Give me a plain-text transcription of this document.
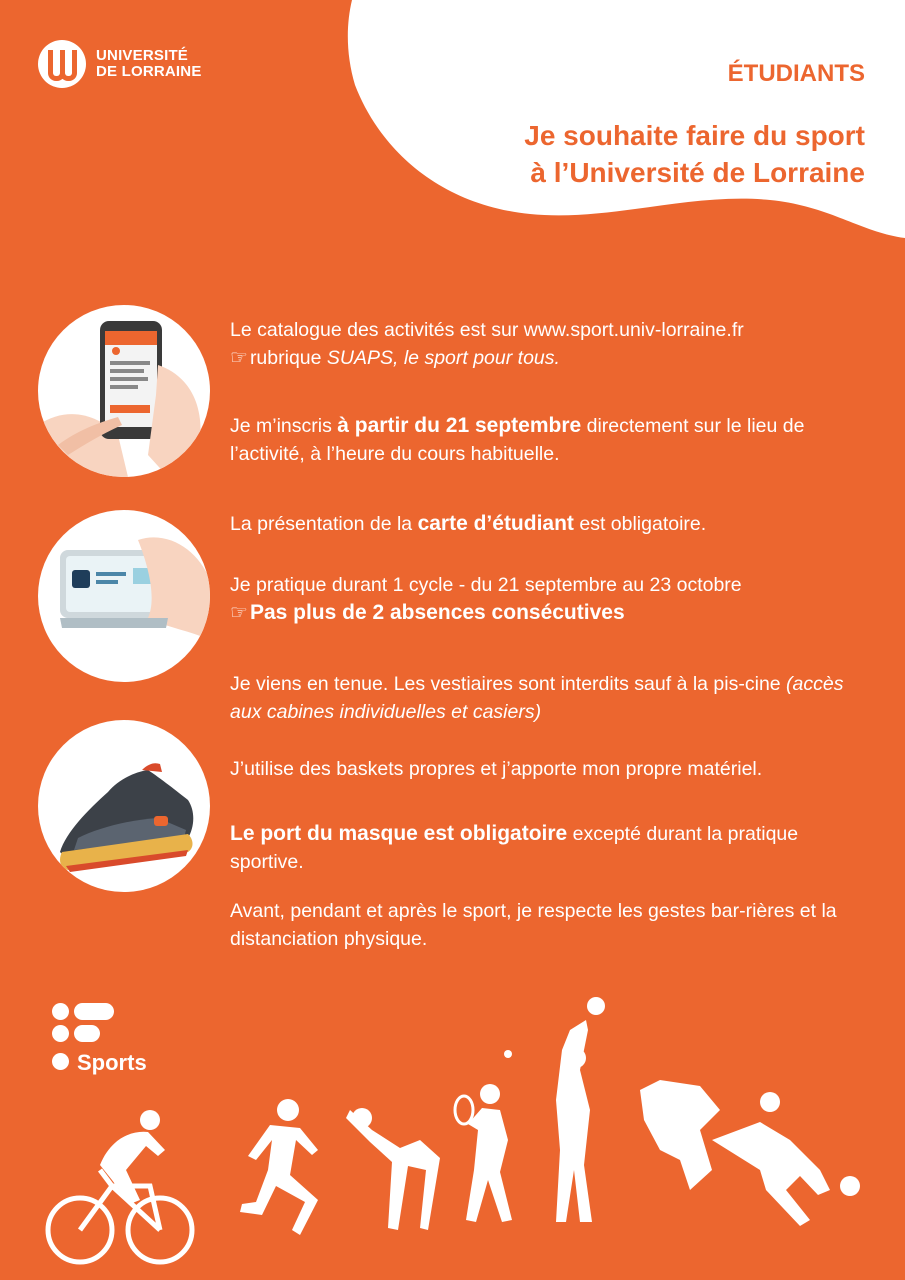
UNIVERSITÉ
DE LORRAINE	ÉTUDIANTS
Je souhaite faire du sport
à l’Université de Lorraine

Le catalogue des activités est sur www.sport.univ-lorraine.fr

☞ rubrique SUAPS, le sport pour tous.

Je m’inscris à partir du 21 septembre directement sur le lieu de l’activité, à l’heure du cours habituelle.

La présentation de la carte d’étudiant est obligatoire.

Je pratique durant 1 cycle - du 21 septembre au 23 octobre

☞Pas plus de 2 absences consécutives

Je viens en tenue. Les vestiaires sont interdits sauf à la pis-cine (accès aux cabines individuelles et casiers)

J’utilise des baskets propres et j’apporte mon propre matériel.

Le port du masque est obligatoire excepté durant la pratique sportive.

Avant, pendant et après le sport, je respecte les gestes bar-rières et la distanciation physique.

Sports
